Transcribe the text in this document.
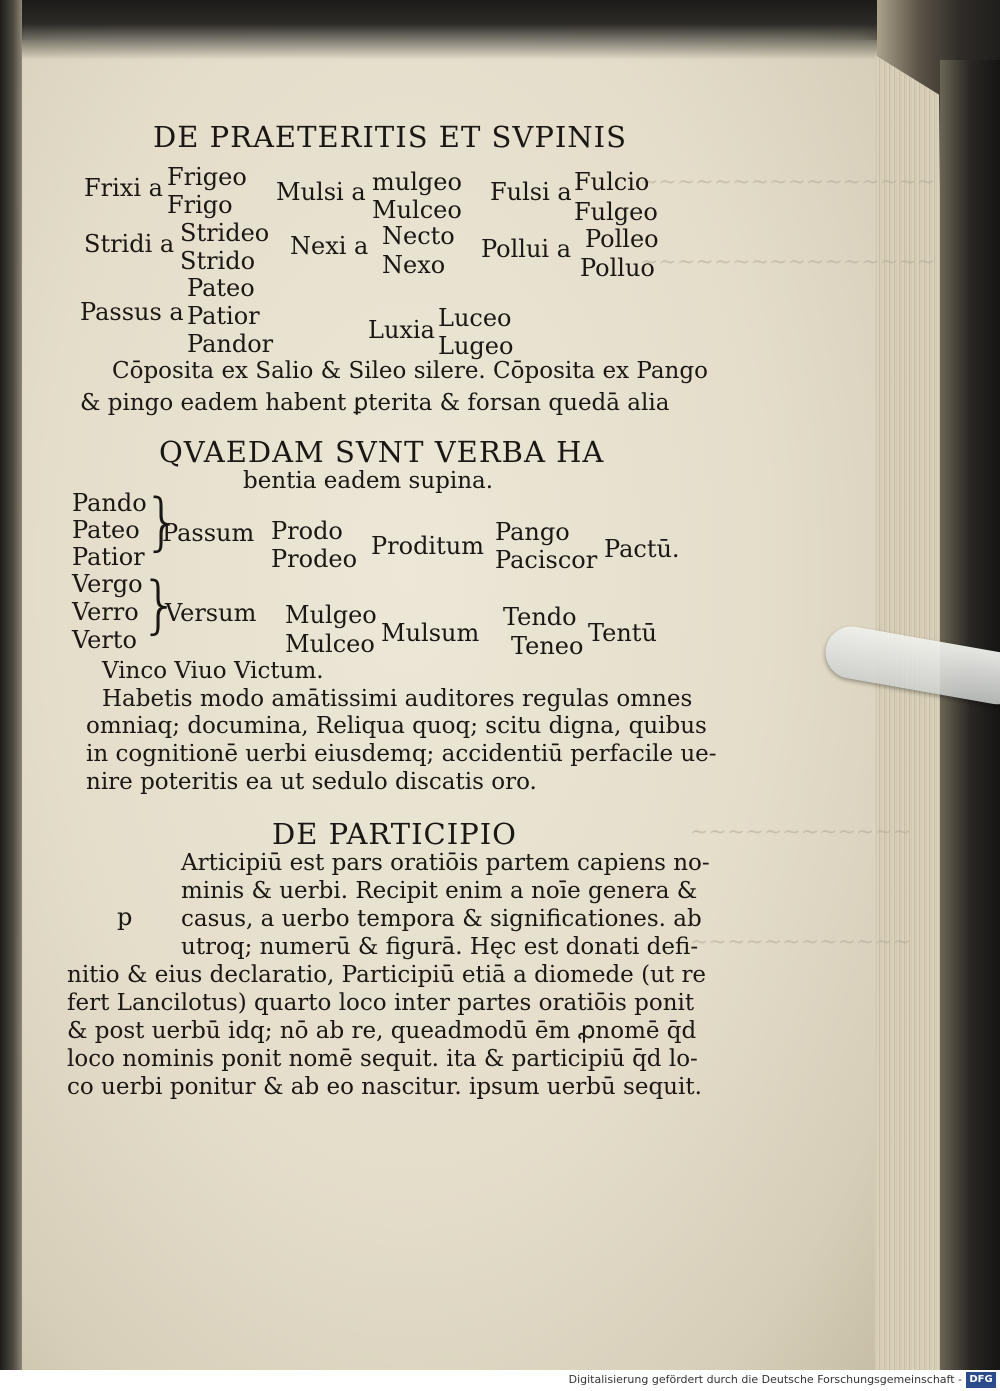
~~~~~~~~~~~~~~~~
~~~~~~~~~~~~~~~~
~~~~~~~~~~~~
~~~~~~~~~~~~
DE PRAETERITIS ET SVPINIS
Frixi a Frigeo
Frigo Mulsi a mulgeo
Mulceo
Fulsi a Fulcio
Fulgeo
Stridi a Strideo
Strido
Nexi a Necto
Nexo
Pollui a Polleo
Polluo
Passus a
Pateo
Patior
Pandor	Luxia Luceo
Lugeo
Cōposita ex Salio & Sileo silere. Cōposita ex Pango
& pingo eadem habent ꝑterita & forsan quedā alia
QVAEDAM SVNT VERBA HA
bentia eadem supina.
Pando
Pateo
Patior
}
Passum Prodo
Prodeo Proditum Pango
Paciscor Pactū.
Vergo
Verro
Verto }
Versum Mulgeo
Mulceo Mulsum
Tendo
Teneo Tentū
Vinco Viuo Victum.
Habetis modo amātissimi auditores regulas omnes
omniaq; documina, Reliqua quoq; scitu digna, quibus
in cognitionē uerbi eiusdemq; accidentiū perfacile ue-
nire poteritis ea ut sedulo discatis oro.
DE PARTICIPIO
p
Articipiū est pars oratiōis partem capiens no-
minis & uerbi. Recipit enim a noīe genera &
casus, a uerbo tempora & significationes. ab
utroq; numerū & figurā. Hęc est donati defi-
nitio & eius declaratio, Participiū etiā a diomede (ut re
fert Lancilotus) quarto loco inter partes oratiōis ponit
& post uerbū idq; nō ab re, queadmodū ēm ꝓnomē q̄d
loco nominis ponit nomē sequit. ita & participiū q̄d lo-
co uerbi ponitur & ab eo nascitur. ipsum uerbū sequit.
Digitalisierung gefördert durch die Deutsche Forschungsgemeinschaft - DFG
